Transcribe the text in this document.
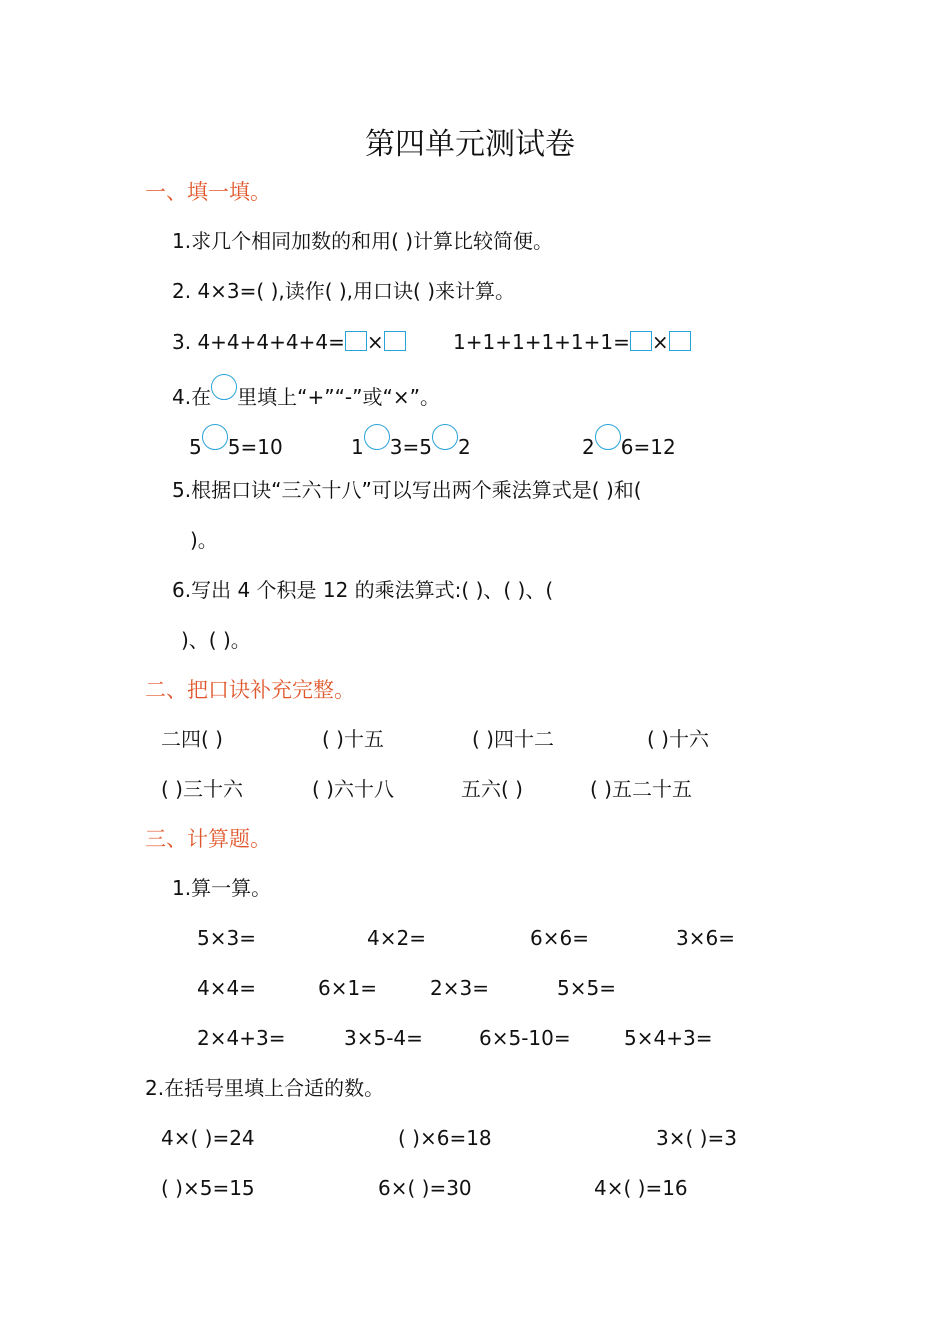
第四单元测试卷
一、填一填。
1.求几个相同加数的和用( )计算比较简便。
2. 4×3=( ),读作( ),用口诀( )来计算。
3. 4+4+4+4+4= ×	1+1+1+1+1+1= ×
4.在 里填上“+”“-”或“×”。
5 5=10	1 3=5 2	2 6=12
5.根据口诀“三六十八”可以写出两个乘法算式是( )和(
)。
6.写出 4 个积是 12 的乘法算式:( )、( )、(
)、( )。
二、把口诀补充完整。
二四( )	( )十五	( )四十二	( )十六
( )三十六	( )六十八	五六( )	( )五二十五
三、计算题。
1.算一算。
5×3=	4×2=	6×6=	3×6=
4×4=	6×1=	2×3=	5×5=
2×4+3=	3×5-4=	6×5-10=	5×4+3=
2.在括号里填上合适的数。
4×( )=24	( )×6=18	3×( )=3
( )×5=15	6×( )=30	4×( )=16
